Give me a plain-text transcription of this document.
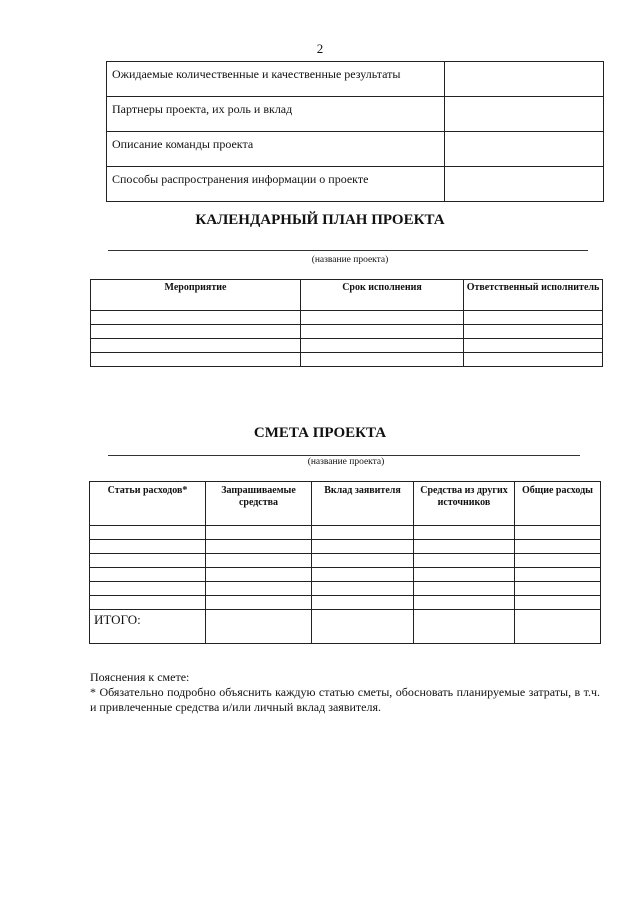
2
Ожидаемые количественные и качественные результаты	
Партнеры проекта, их роль и вклад	
Описание команды проекта	
Способы распространения информации о проекте	
КАЛЕНДАРНЫЙ ПЛАН ПРОЕКТА
(название проекта)
Мероприятие	Срок исполнения	Ответственный исполнитель

СМЕТА ПРОЕКТА
(название проекта)
Статьи расходов*	Запрашиваемые средства	Вклад заявителя	Средства из других источников	Общие расходы

ИТОГО:				
Пояснения к смете:
* Обязательно подробно объяснить каждую статью сметы, обосновать планируемые затраты, в т.ч. и привлеченные средства и/или личный вклад заявителя.
